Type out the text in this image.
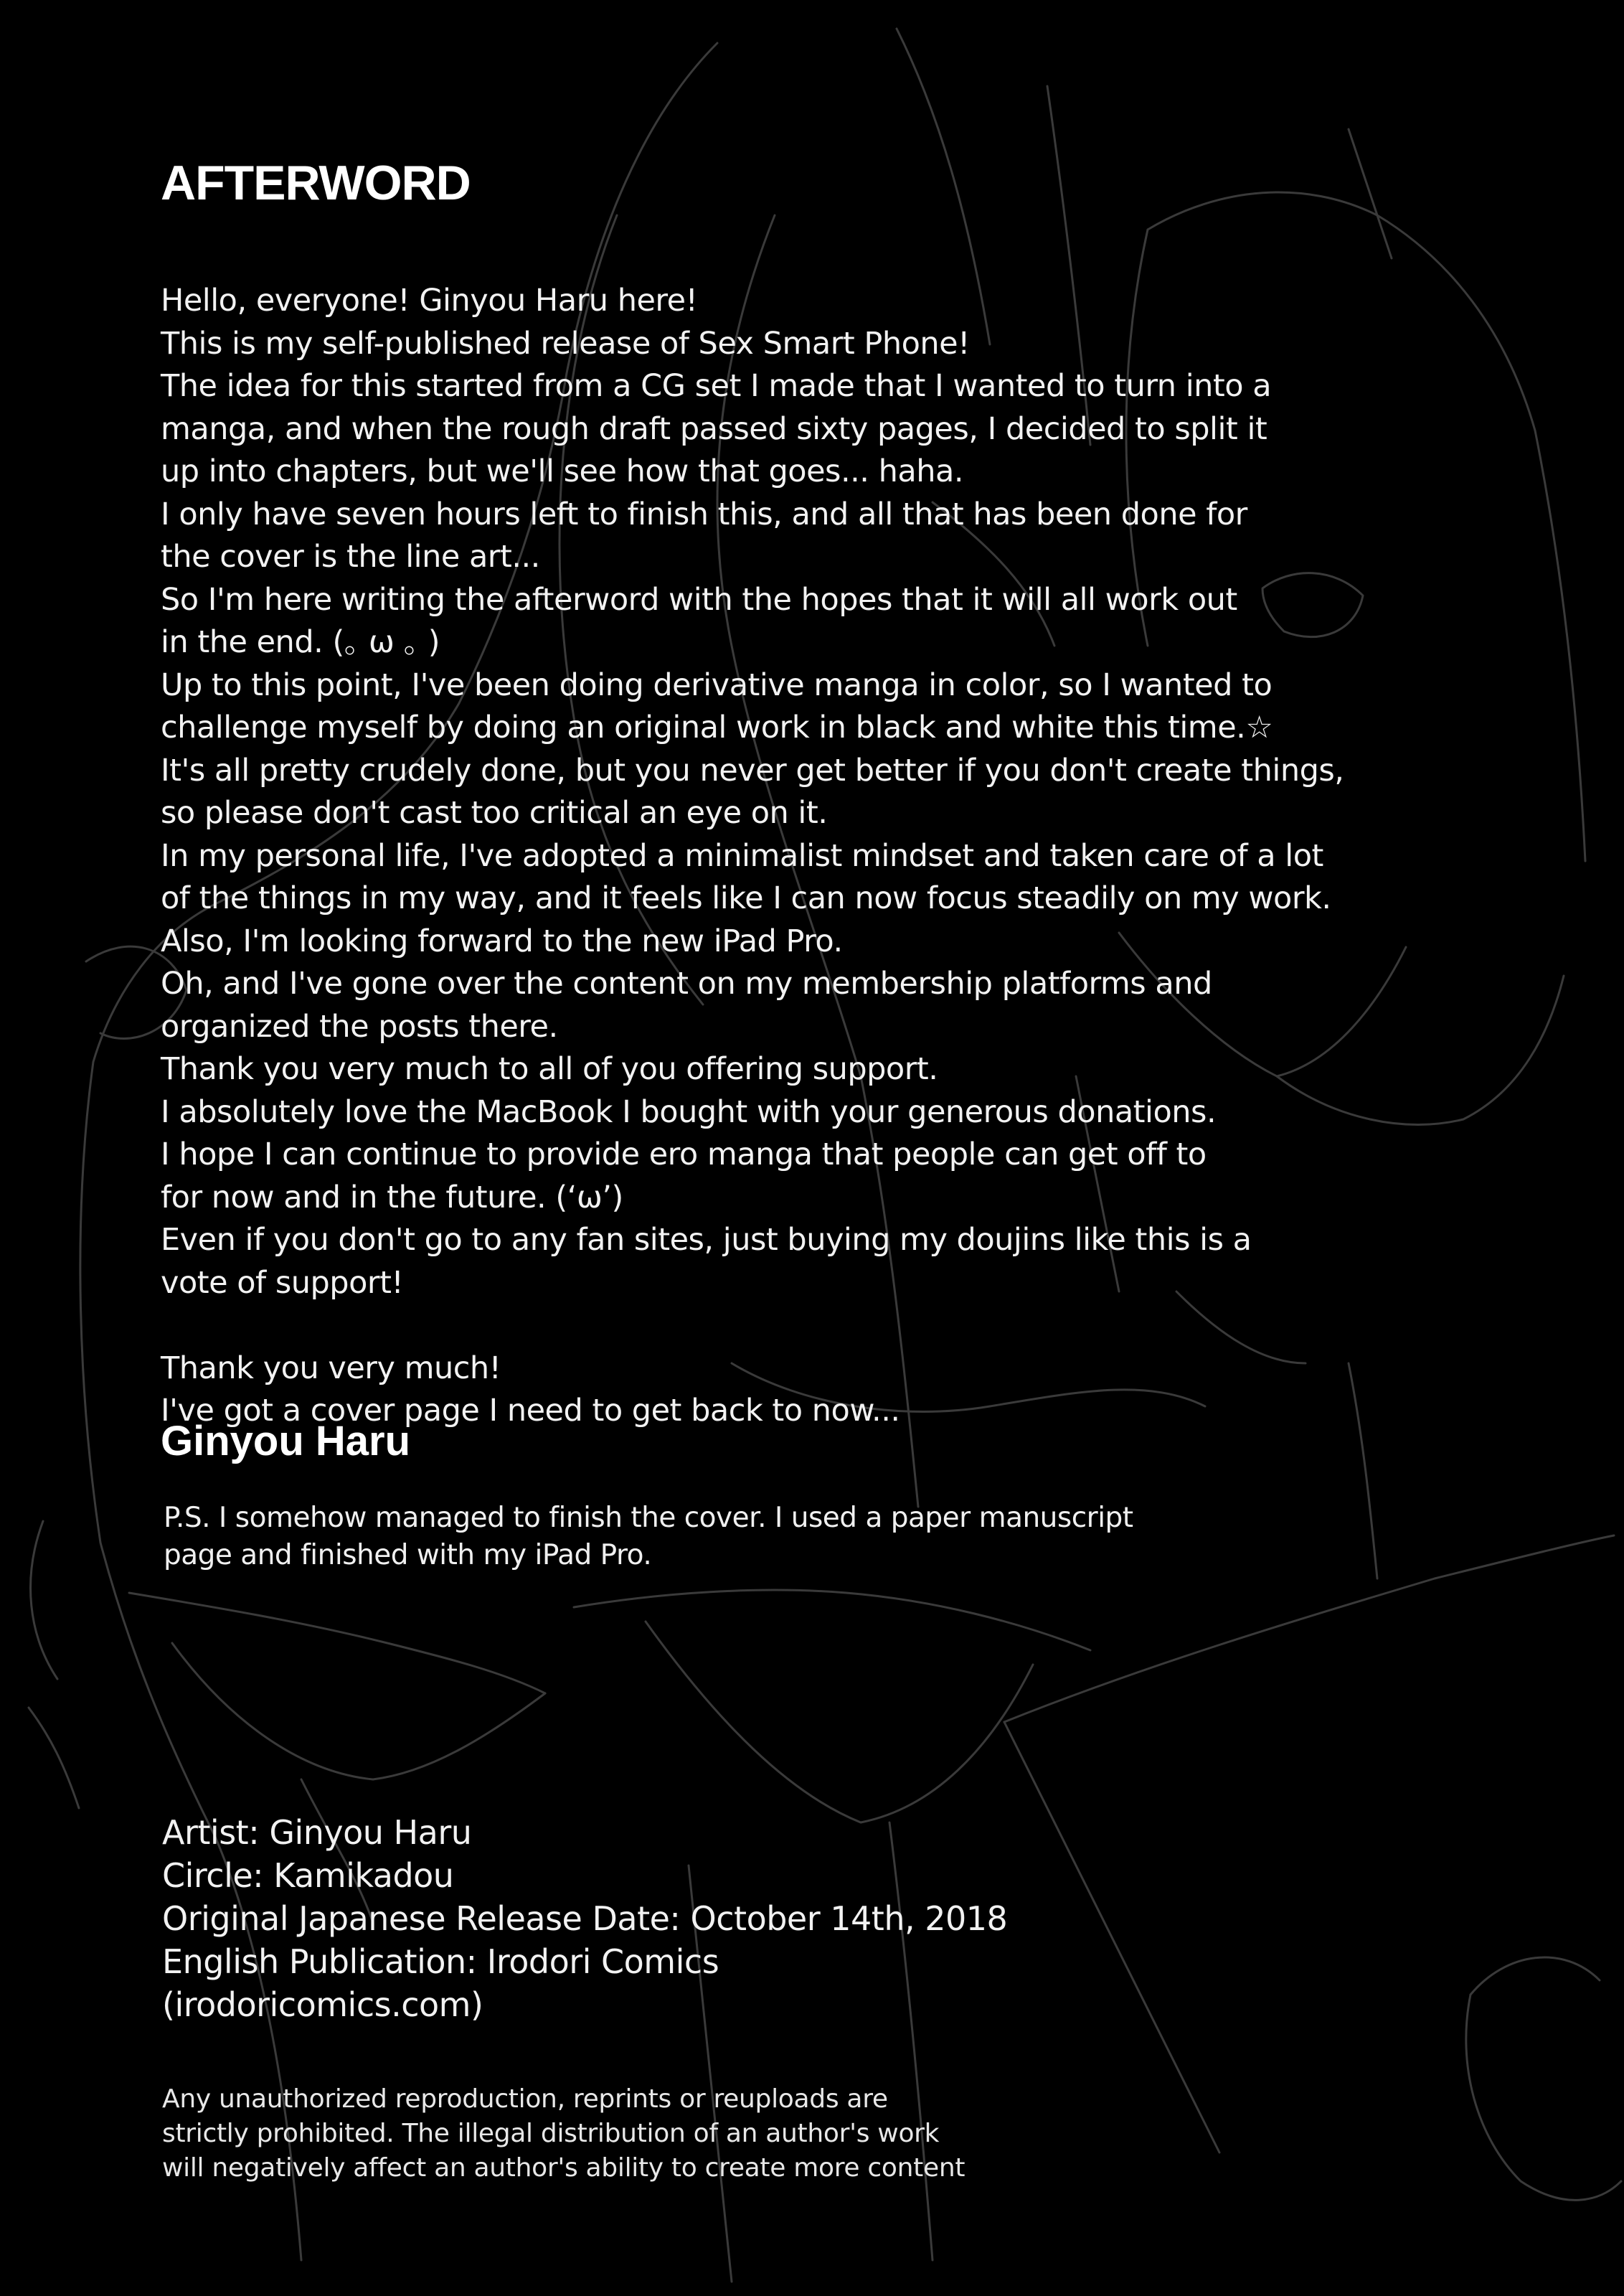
AFTERWORD
Hello, everyone! Ginyou Haru here!
This is my self-published release of Sex Smart Phone!
The idea for this started from a CG set I made that I wanted to turn into a
manga, and when the rough draft passed sixty pages, I decided to split it
up into chapters, but we'll see how that goes... haha.
I only have seven hours left to finish this, and all that has been done for
the cover is the line art...
So I'm here writing the afterword with the hopes that it will all work out
in the end. (｡ ω ｡ )
Up to this point, I've been doing derivative manga in color, so I wanted to
challenge myself by doing an original work in black and white this time.☆
It's all pretty crudely done, but you never get better if you don't create things,
so please don't cast too critical an eye on it.
In my personal life, I've adopted a minimalist mindset and taken care of a lot
of the things in my way, and it feels like I can now focus steadily on my work.
Also, I'm looking forward to the new iPad Pro.
Oh, and I've gone over the content on my membership platforms and
organized the posts there.
Thank you very much to all of you offering support.
I absolutely love the MacBook I bought with your generous donations.
I hope I can continue to provide ero manga that people can get off to
for now and in the future. (‘ω’)
Even if you don't go to any fan sites, just buying my doujins like this is a
vote of support!
Thank you very much!
I've got a cover page I need to get back to now...
Ginyou Haru
P.S. I somehow managed to finish the cover. I used a paper manuscript
page and finished with my iPad Pro.
Artist: Ginyou Haru
Circle: Kamikadou
Original Japanese Release Date: October 14th, 2018
English Publication: Irodori Comics
(irodoricomics.com)
Any unauthorized reproduction, reprints or reuploads are
strictly prohibited. The illegal distribution of an author's work
will negatively affect an author's ability to create more content
